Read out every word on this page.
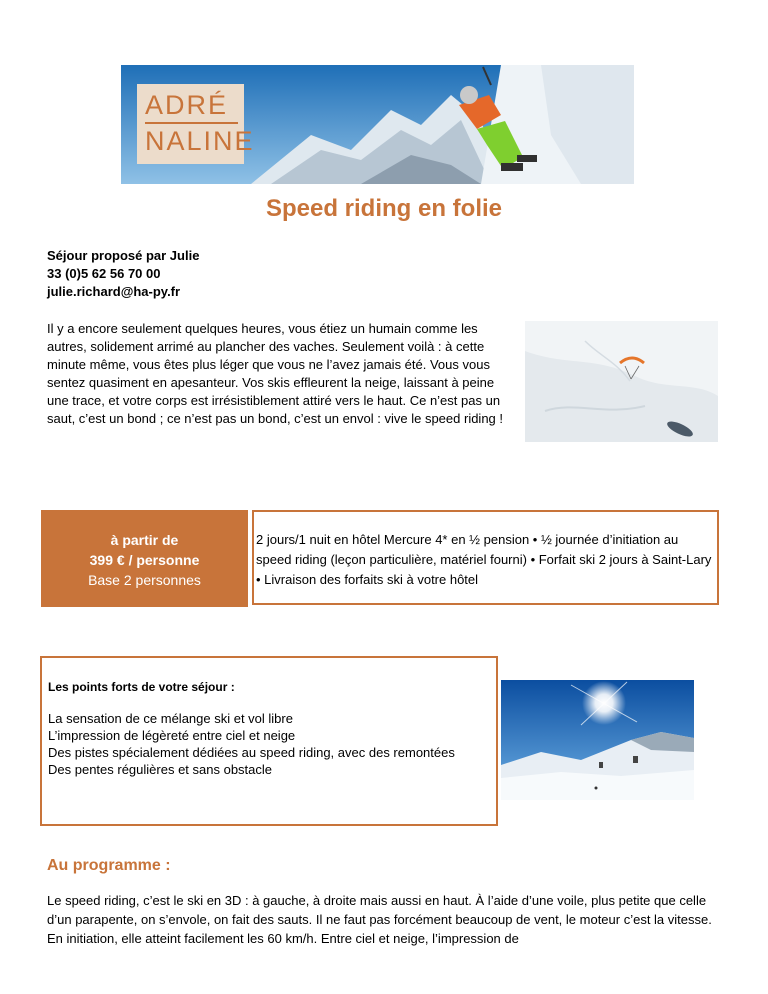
ADRÉ
NALINE
Speed riding en folie
Séjour proposé par Julie
33 (0)5 62 56 70 00
julie.richard@ha-py.fr

Il y a encore seulement quelques heures, vous étiez un humain comme les autres, solidement arrimé au plancher des vaches. Seulement voilà : à cette minute même, vous êtes plus léger que vous ne l’avez jamais été. Vous vous sentez quasiment en apesanteur. Vos skis effleurent la neige, laissant à peine une trace, et votre corps est irrésistiblement attiré vers le haut. Ce n’est pas un saut, c’est un bond ; ce n’est pas un bond, c’est un envol : vive le speed riding !

à partir de
399 € / personne
Base 2 personnes

2 jours/1 nuit en hôtel Mercure 4* en ½ pension • ½ journée d’initiation au speed riding (leçon particulière, matériel fourni) • Forfait ski 2 jours à Saint-Lary • Livraison des forfaits ski à votre hôtel

Les points forts de votre séjour :
La sensation de ce mélange ski et vol libre
L’impression de légèreté entre ciel et neige
Des pistes spécialement dédiées au speed riding, avec des remontées
Des pentes régulières et sans obstacle
Au programme :

Le speed riding, c’est le ski en 3D : à gauche, à droite mais aussi en haut. À l’aide d’une voile, plus petite que celle d’un parapente, on s’envole, on fait des sauts. Il ne faut pas forcément beaucoup de vent, le moteur c’est la vitesse. En initiation, elle atteint facilement les 60 km/h. Entre ciel et neige, l’impression de
